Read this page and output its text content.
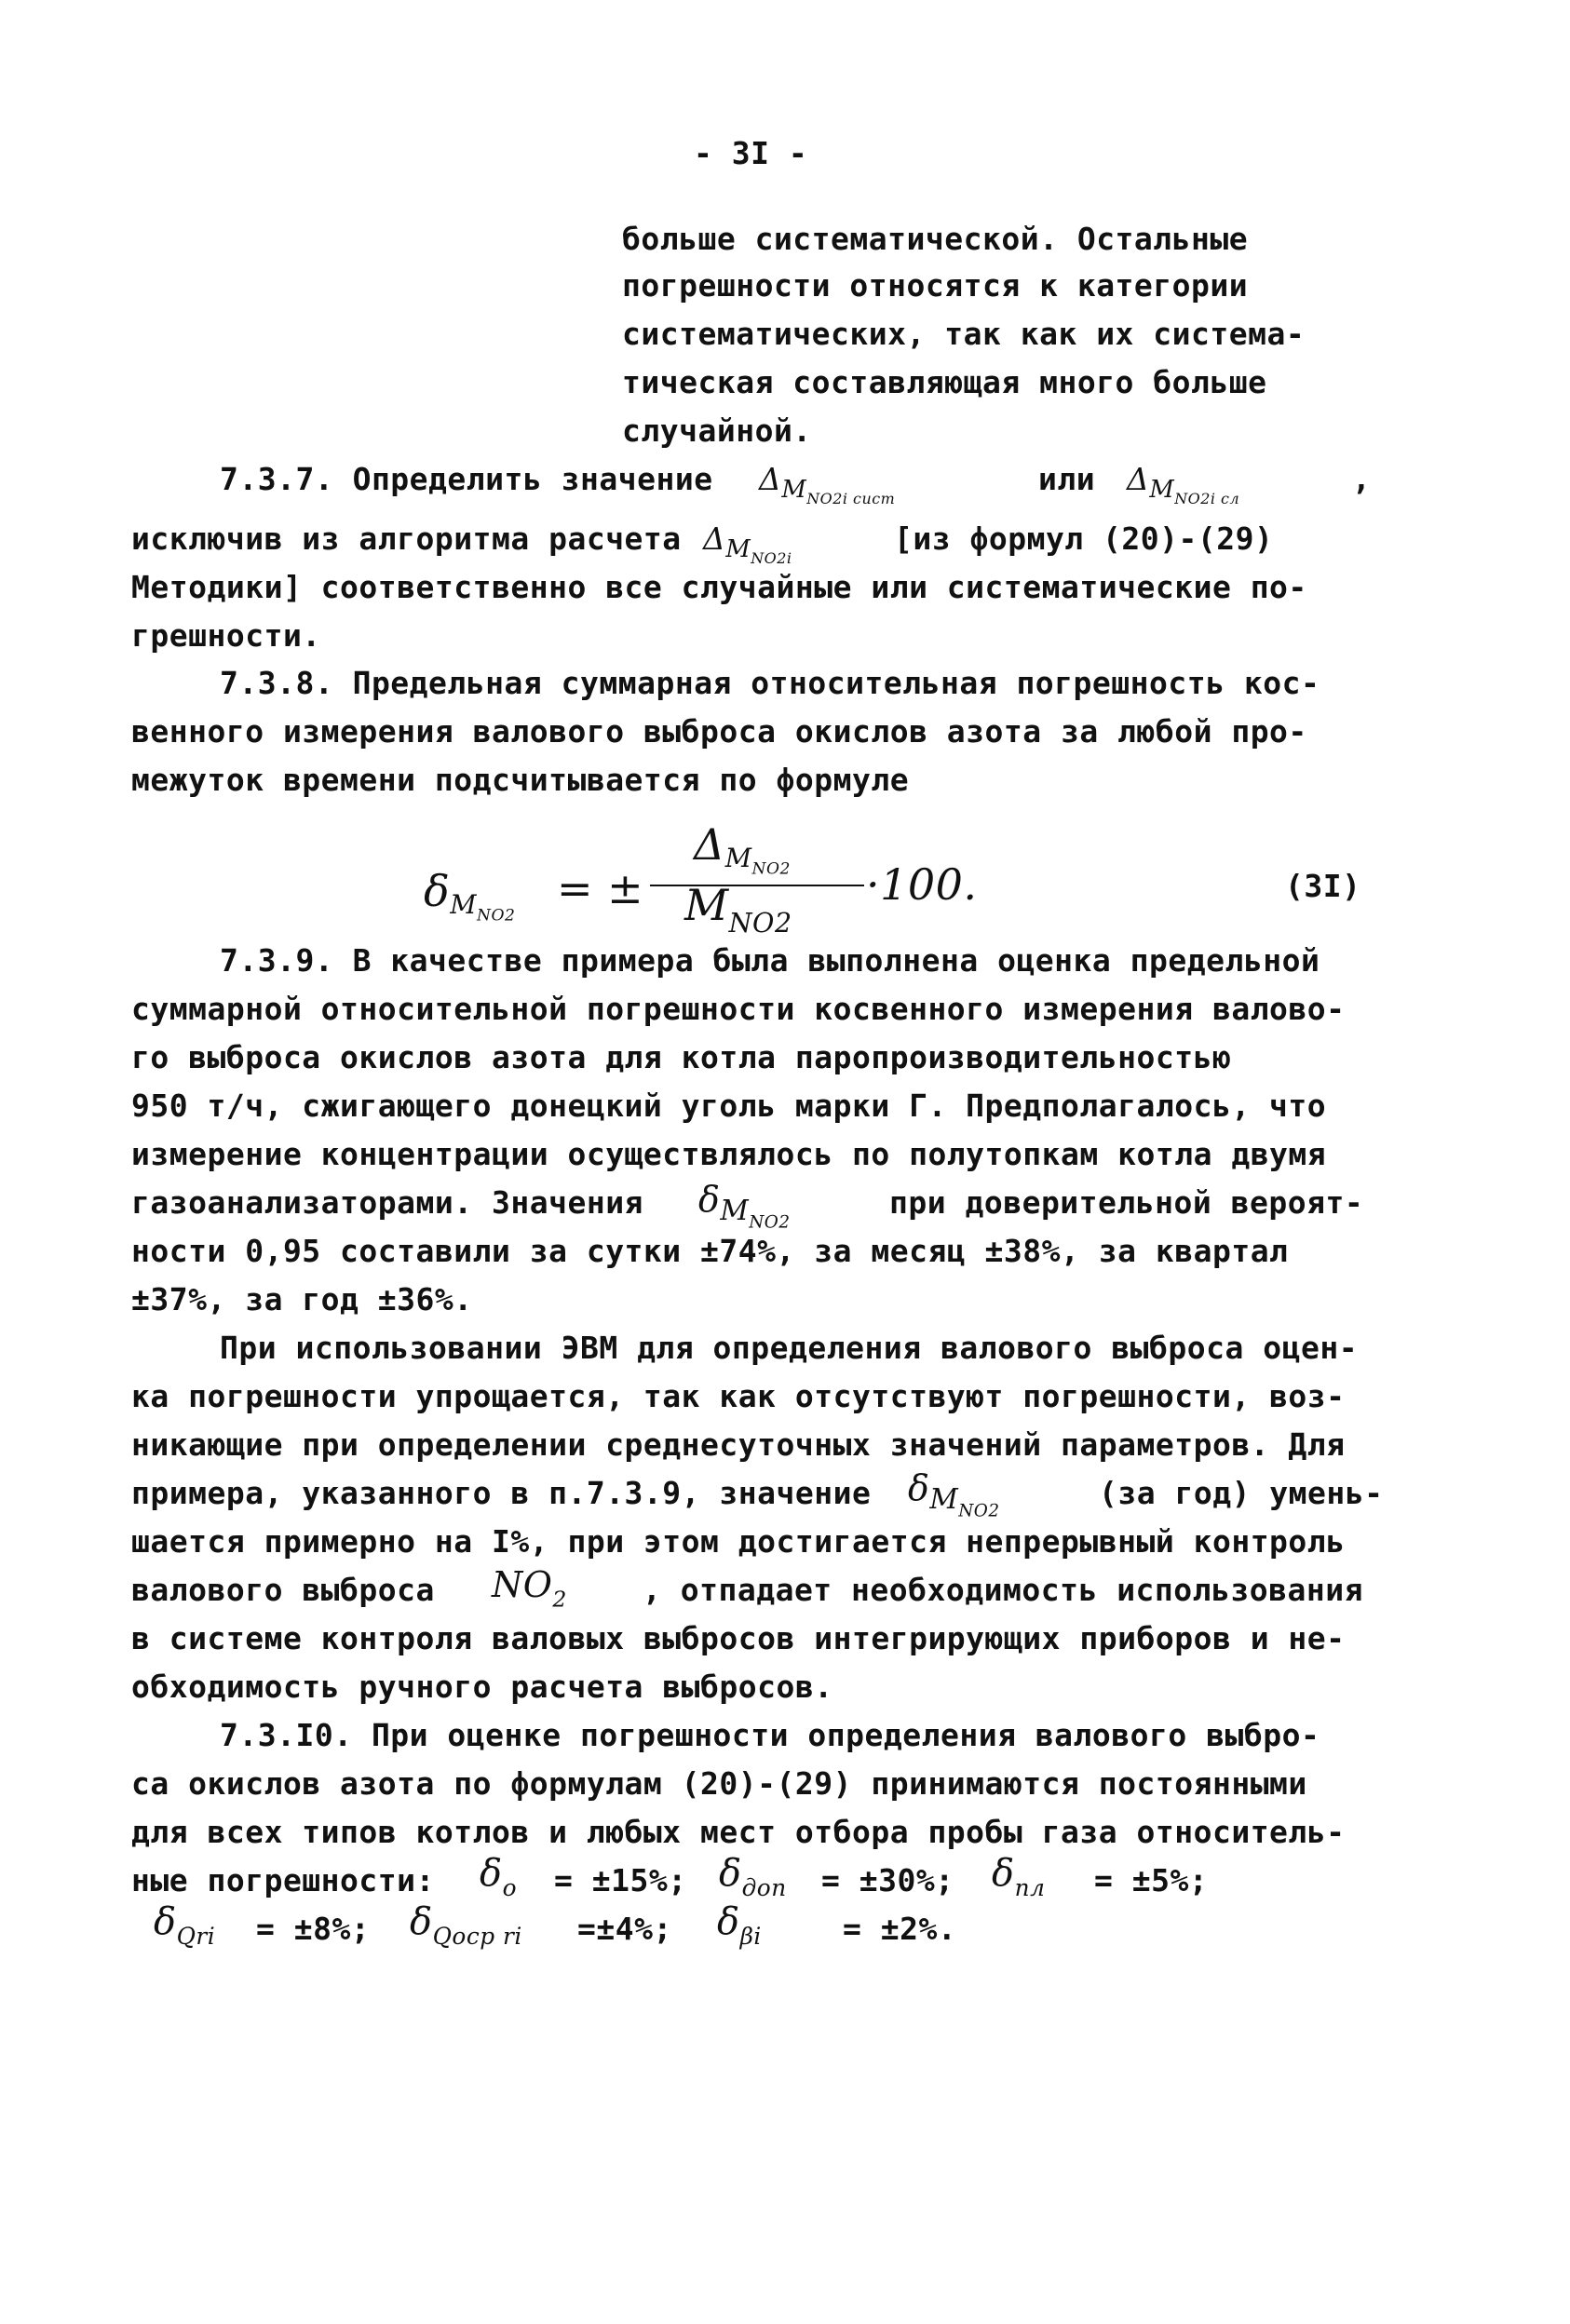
- 3I -
больше систематической. Остальные
погрешности относятся к категории
систематических, так как их система-
тическая составляющая много больше
случайной.
7.3.7. Определить значение $\Delta_{M_{NO2i сист}}$
или $\Delta_{M_{NO2i сл}}$
,
исключив из алгоритма расчета $\Delta_{M_{NO2i}}$
[из формул (20)-(29)
Методики] соответственно все случайные или систематические по-
грешности.
7.3.8. Предельная суммарная относительная погрешность кос-
венного измерения валового выброса окислов азота за любой про-
межуток времени подсчитывается по формуле
$\delta M_{NO2}$
= ±
$\Delta M_{NO2}$
$M_{NO2}$
·100.	(3I)
7.3.9. В качестве примера была выполнена оценка предельной
суммарной относительной погрешности косвенного измерения валово-
го выброса окислов азота для котла паропроизводительностью
950 т/ч, сжигающего донецкий уголь марки Г. Предполагалось, что
измерение концентрации осуществлялось по полутопкам котла двумя
газоанализаторами. Значения $\delta_{M_{NO2}}$
при доверительной вероят-
ности 0,95 составили за сутки ±74%, за месяц ±38%, за квартал
±37%, за год ±36%.
При использовании ЭВМ для определения валового выброса оцен-
ка погрешности упрощается, так как отсутствуют погрешности, воз-
никающие при определении среднесуточных значений параметров. Для
примера, указанного в п.7.3.9, значение $\delta_{M_{NO2}}$	(за год) умень-
шается примерно на I%, при этом достигается непрерывный контроль
валового выброса $NO_2$ , отпадает необходимость использования
в системе контроля валовых выбросов интегрирующих приборов и не-
обходимость ручного расчета выбросов.
7.3.I0. При оценке погрешности определения валового выбро-
са окислов азота по формулам (20)-(29) принимаются постоянными
для всех типов котлов и любых мест отбора пробы газа относитель-
ные погрешности: $\delta_o = \pm 15\%$; $\delta_{доп} = \pm 30\%$; $\delta_{пл} = \pm 5\%$;
$\delta_{Qri} = \pm 8\%$; $\delta_{Qocp ri} =\pm 4\%$; $\delta_{\beta i}$	= ±2%.
